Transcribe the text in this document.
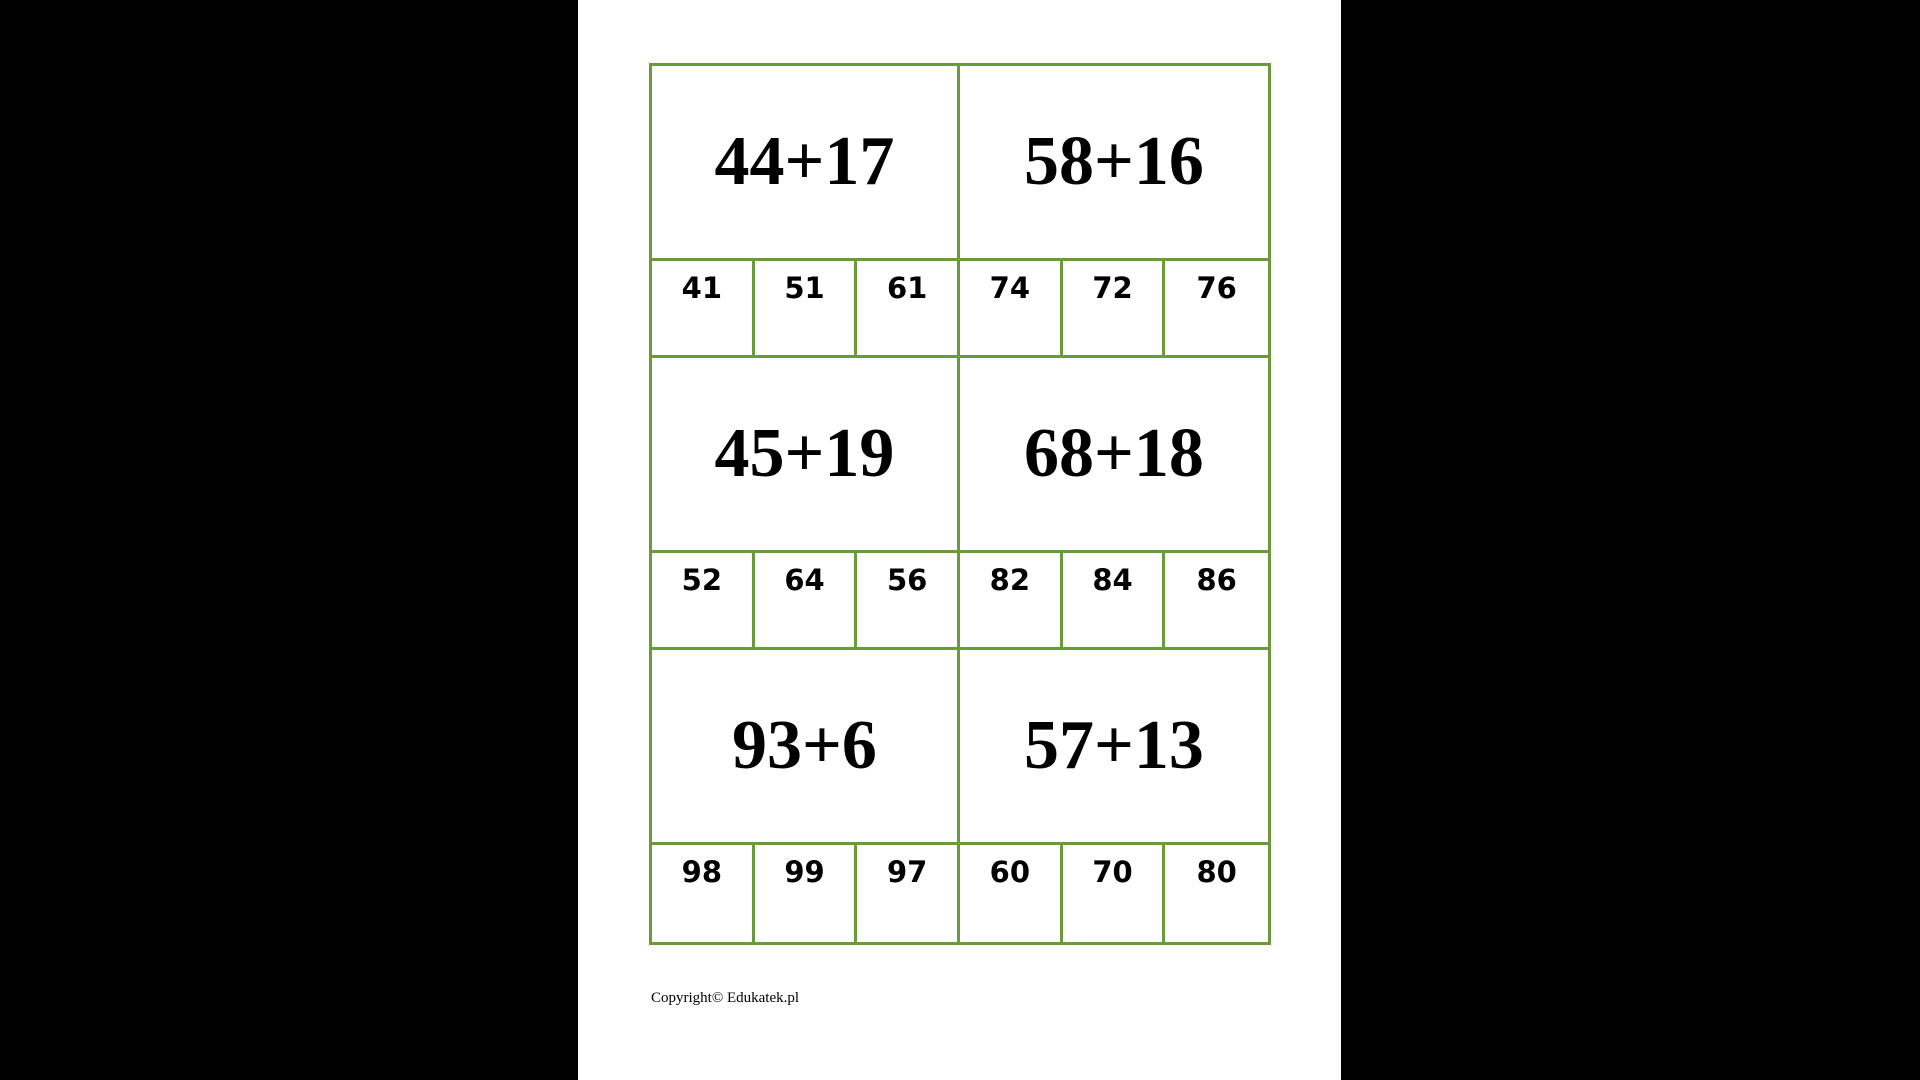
44+17	58+16
41	51	61	74	72	76
45+19	68+18
52	64	56	82	84	86
93+6	57+13
98	99	97	60	70	80
Copyright© Edukatek.pl
